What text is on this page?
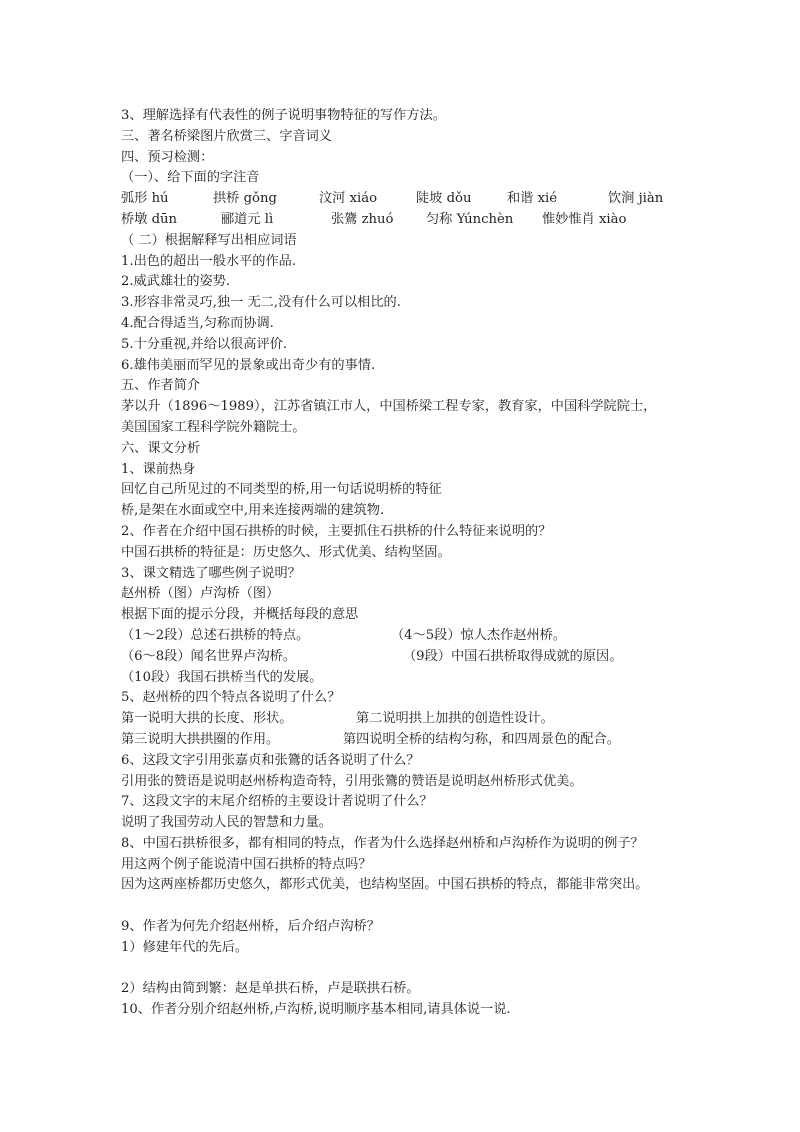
3、理解选择有代表性的例子说明事物特征的写作方法。
三、著名桥梁图片欣赏三、字音词义
四、预习检测：
（一）、给下面的字注音
弧形 hú	拱桥 gǒng	汶河 xiáo	陡坡 dǒu	和谐 xié	饮涧 jiàn
桥墩 dūn	郦道元 lì	张鷟 zhuó 匀称 Yúnchèn 惟妙惟肖 xiào
（ 二）根据解释写出相应词语
1.出色的超出一般水平的作品.
2.威武雄壮的姿势.
3.形容非常灵巧,独一 无二,没有什么可以相比的.
4.配合得适当,匀称而协调.
5.十分重视,并给以很高评价.
6.雄伟美丽而罕见的景象或出奇少有的事情.
五、作者简介
茅以升（1896～1989），江苏省镇江市人，中国桥梁工程专家，教育家，中国科学院院士，
美国国家工程科学院外籍院士。
六、课文分析
1、课前热身
回忆自己所见过的不同类型的桥,用一句话说明桥的特征
桥,是架在水面或空中,用来连接两端的建筑物.
2、作者在介绍中国石拱桥的时候，主要抓住石拱桥的什么特征来说明的？
中国石拱桥的特征是：历史悠久、形式优美、结构坚固。
3、课文精选了哪些例子说明？
赵州桥（图）卢沟桥（图）
根据下面的提示分段，并概括每段的意思
（1～2段）总述石拱桥的特点。	（4～5段）惊人杰作赵州桥。
（6～8段）闻名世界卢沟桥。	（9段）中国石拱桥取得成就的原因。
（10段）我国石拱桥当代的发展。
5、赵州桥的四个特点各说明了什么？
第一说明大拱的长度、形状。	第二说明拱上加拱的创造性设计。
第三说明大拱拱圈的作用。	第四说明全桥的结构匀称，和四周景色的配合。
6、这段文字引用张嘉贞和张鷟的话各说明了什么？
引用张的赞语是说明赵州桥构造奇特，引用张鷟的赞语是说明赵州桥形式优美。
7、这段文字的末尾介绍桥的主要设计者说明了什么？
说明了我国劳动人民的智慧和力量。
8、中国石拱桥很多，都有相同的特点，作者为什么选择赵州桥和卢沟桥作为说明的例子？
用这两个例子能说清中国石拱桥的特点吗？
因为这两座桥都历史悠久，都形式优美，也结构坚固。中国石拱桥的特点，都能非常突出。
9、作者为何先介绍赵州桥，后介绍卢沟桥？
1）修建年代的先后。
2）结构由简到繁：赵是单拱石桥，卢是联拱石桥。
10、作者分别介绍赵州桥,卢沟桥,说明顺序基本相同,请具体说一说.
